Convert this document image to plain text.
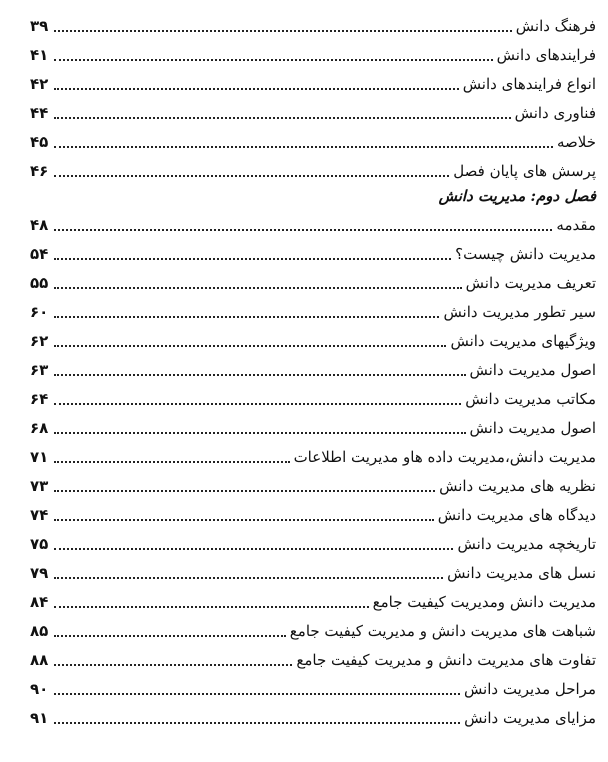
فرهنگ دانش
۳۹
فرایندهای دانش
۴۱
انواع فرایندهای دانش
۴۲
فناوری دانش
۴۴
خلاصه
۴۵
پرسش های پایان فصل
۴۶
فصل دوم: مدیریت دانش
مقدمه
۴۸
مدیریت دانش چیست؟
۵۴
تعریف مدیریت دانش
۵۵
سیر تطور مدیریت دانش
۶۰
ویژگیهای مدیریت دانش
۶۲
اصول مدیریت دانش
۶۳
مکاتب مدیریت دانش
۶۴
اصول مدیریت دانش
۶۸
مدیریت دانش،مدیریت داده هاو مدیریت اطلاعات
۷۱
نظریه های مدیریت دانش
۷۳
دیدگاه های مدیریت دانش
۷۴
تاریخچه مدیریت دانش
۷۵
نسل های مدیریت دانش
۷۹
مدیریت دانش ومدیریت کیفیت جامع
۸۴
شباهت های مدیریت دانش و مدیریت کیفیت جامع
۸۵
تفاوت های مدیریت دانش و مدیریت کیفیت جامع
۸۸
مراحل مدیریت دانش
۹۰
مزایای مدیریت دانش
۹۱
